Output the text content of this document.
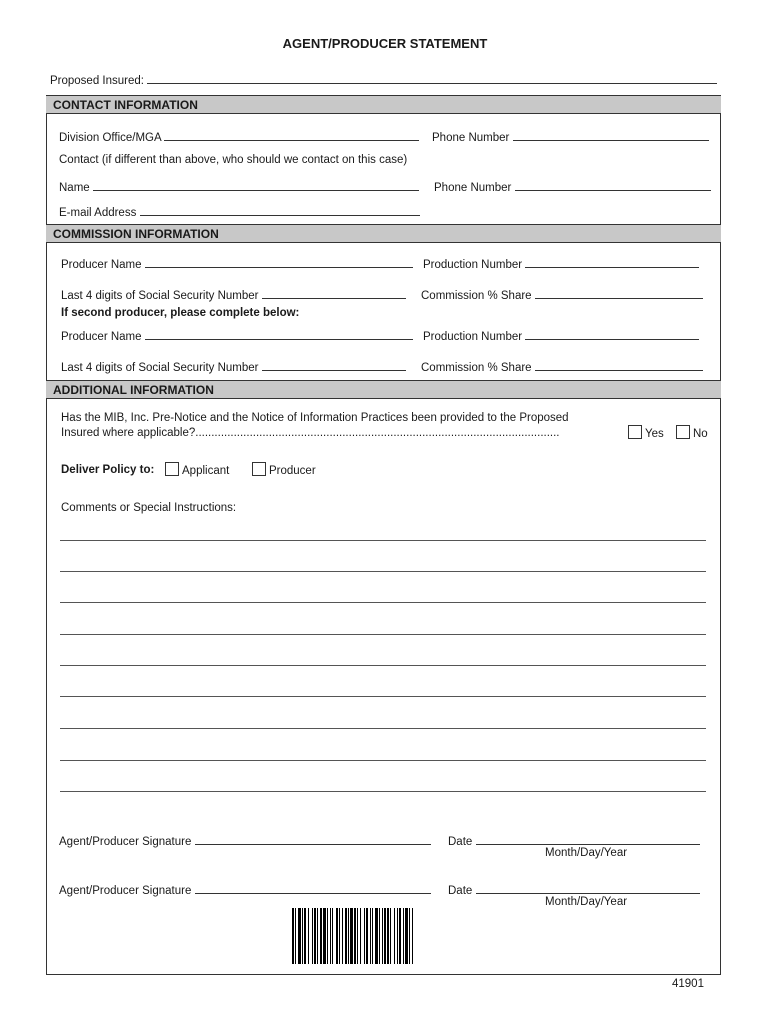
AGENT/PRODUCER STATEMENT
Proposed Insured:
CONTACT INFORMATION
Division Office/MGA	Phone Number
Contact (if different than above, who should we contact on this case)
Name	Phone Number
E-mail Address
COMMISSION INFORMATION
Producer Name	Production Number
Last 4 digits of Social Security Number	Commission % Share
If second producer, please complete below:
Producer Name	Production Number
Last 4 digits of Social Security Number	Commission % Share
ADDITIONAL INFORMATION
Has the MIB, Inc. Pre-Notice and the Notice of Information Practices been provided to the Proposed
Insured where applicable?..................................................................................................................	Yes	No
Deliver Policy to:	Applicant	Producer
Comments or Special Instructions:
Agent/Producer Signature	Date
Month/Day/Year
Agent/Producer Signature	Date
Month/Day/Year
41901
